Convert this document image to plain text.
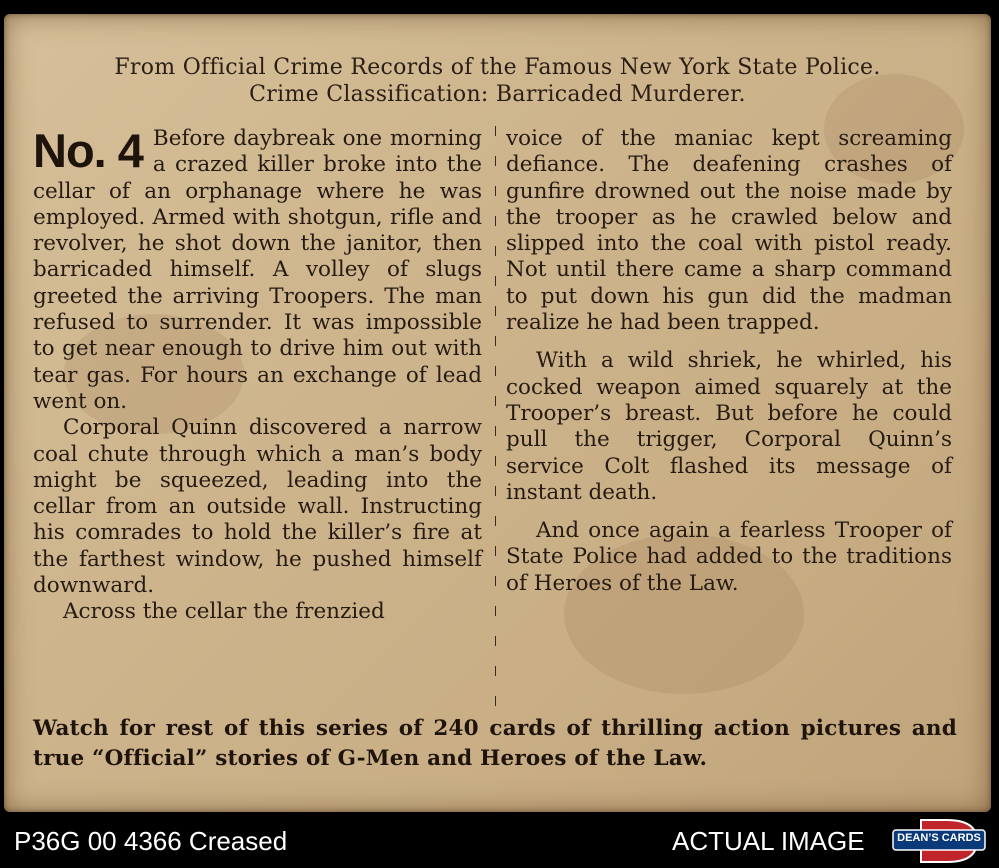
From Official Crime Records of the Famous New York State Police.
Crime Classification: Barricaded Murderer.
No. 4 Before daybreak one morning a crazed killer broke into the cellar of an orphanage where he was employed. Armed with shotgun, rifle and revolver, he shot down the janitor, then barricaded himself. A volley of slugs greeted the arriving Troopers. The man refused to surrender. It was impossible to get near enough to drive him out with tear gas. For hours an exchange of lead went on.

Corporal Quinn discovered a narrow coal chute through which a man’s body might be squeezed, leading into the cellar from an outside wall. Instructing his comrades to hold the killer’s fire at the farthest window, he pushed himself downward.

Across the cellar the frenzied

voice of the maniac kept screaming defiance. The deafening crashes of gunfire drowned out the noise made by the trooper as he crawled below and slipped into the coal with pistol ready. Not until there came a sharp command to put down his gun did the madman realize he had been trapped.

With a wild shriek, he whirled, his cocked weapon aimed squarely at the Trooper’s breast. But before he could pull the trigger, Corporal Quinn’s service Colt flashed its message of instant death.

And once again a fearless Trooper of State Police had added to the traditions of Heroes of the Law.

Watch for rest of this series of 240 cards of thrilling action pictures and true “Official” stories of G-Men and Heroes of the Law.
P36G 00 4366 Creased	ACTUAL IMAGE	DEAN’S CARDS
